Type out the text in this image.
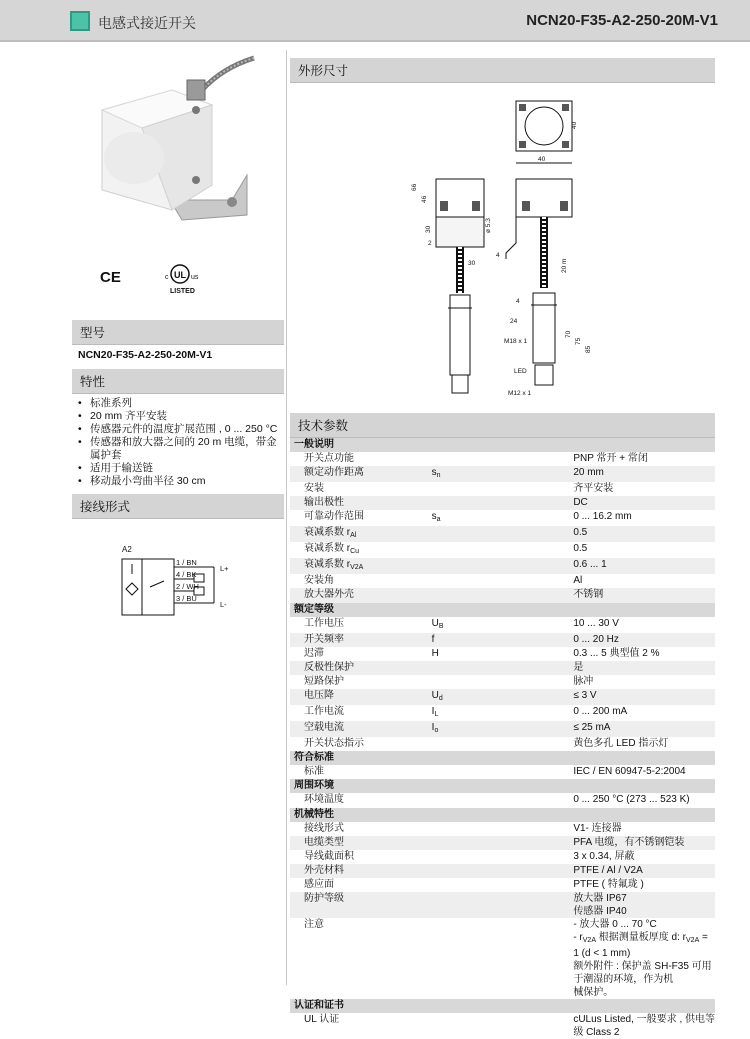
电感式接近开关	NCN20-F35-A2-250-20M-V1
CE	c UL us
LISTED
型号
NCN20-F35-A2-250-20M-V1
特性
• 标准系列
• 20 mm 齐平安装
• 传感器元件的温度扩展范围 , 0 ... 250 °C
• 传感器和放大器之间的 20 m 电缆，带金属护套
• 适用于输送链
• 移动最小弯曲半径 30 cm
接线形式
A2
1 / BN
4 / BK
2 / WH
3 / BU
L+
L-
外形尺寸
40
40
66
46
30
2
ø 5.3
30
4
20 m
4
24
70
75
85
M18 x 1
LED
M12 x 1
技术参数
一般说明		
开关点功能		PNP 常开 + 常闭
额定动作距离	$s_n$	20 mm
安装		齐平安装
输出极性		DC
可靠动作范围	$s_a$	0 ... 16.2 mm
衰减系数 $r_{Al}$		0.5
衰减系数 $r_{Cu}$		0.5
衰减系数 $r_{V2A}$		0.6 ... 1
安装角		Al
放大器外壳		不锈钢
额定等级		
工作电压	$U_B$	10 ... 30 V
开关频率	f	0 ... 20 Hz
迟滞	H	0.3 ... 5 典型值 2 %
反极性保护		是
短路保护		脉冲
电压降	$U_d$	≤ 3 V
工作电流	$I_L$	0 ... 200 mA
空载电流	$I_o$	≤ 25 mA
开关状态指示		黄色多孔 LED 指示灯
符合标准		
标准		IEC / EN 60947-5-2:2004
周围环境		
环境温度		0 ... 250 °C (273 ... 523 K)
机械特性		
接线形式		V1- 连接器
电缆类型		PFA 电缆，有不锈钢铠装
导线截面积		3 x 0.34, 屏蔽
外壳材料		PTFE / Al / V2A
感应面		PTFE ( 特氟珑 )
防护等级		放大器 IP67
传感器 IP40
注意		- 放大器 0 ... 70 °C
- $r_{V2A}$ 根据测量板厚度 d: $r_{V2A} = 1$ (d < 1 mm)
额外附件 : 保护盖 SH-F35 可用于潮湿的环境，作为机
械保护。
认证和证书		
UL 认证		cULus Listed, 一般要求 , 供电等级 Class 2
